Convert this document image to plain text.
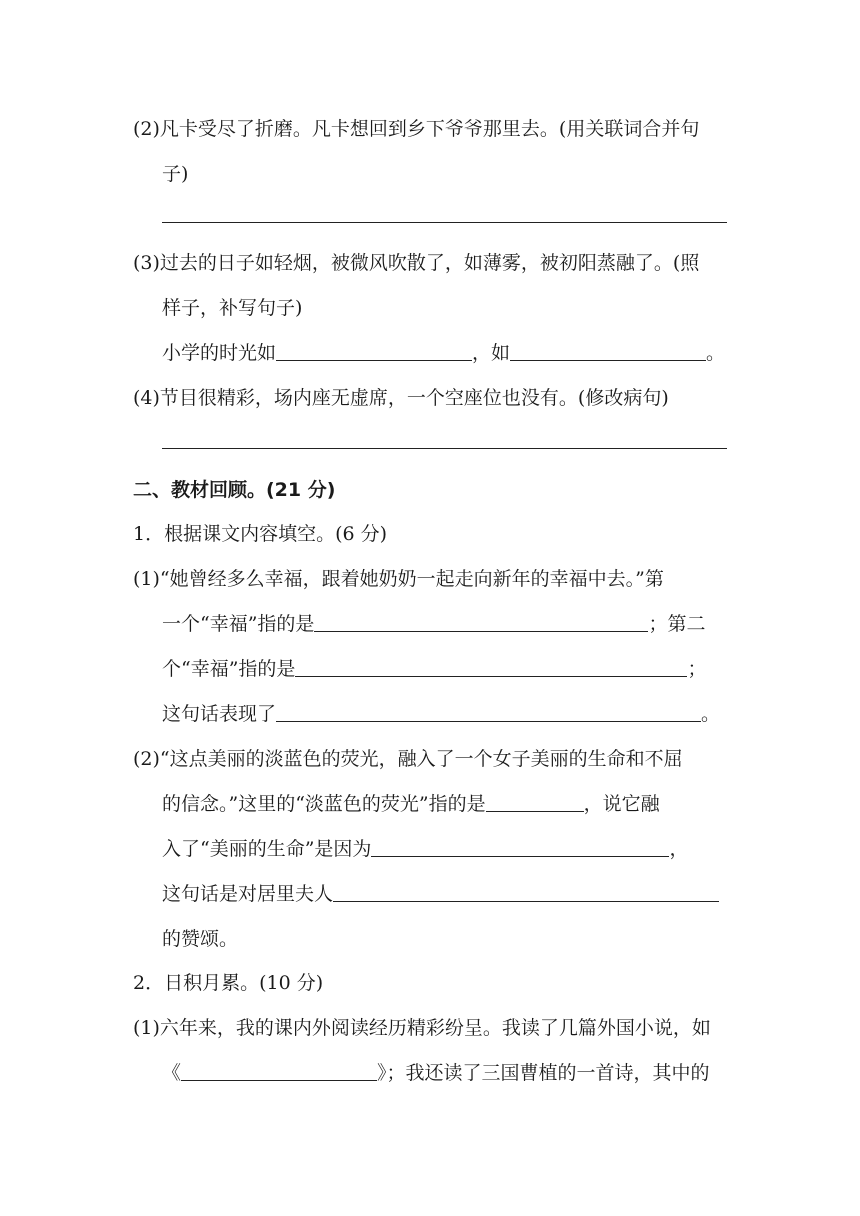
(2)凡卡受尽了折磨。凡卡想回到乡下爷爷那里去。(用关联词合并句
子)
(3)过去的日子如轻烟，被微风吹散了，如薄雾，被初阳蒸融了。(照
样子，补写句子)
小学的时光如	，如	。
(4)节目很精彩，场内座无虚席，一个空座位也没有。(修改病句)
二、教材回顾。(21 分)
1．根据课文内容填空。(6 分)
(1)“她曾经多么幸福，跟着她奶奶一起走向新年的幸福中去。”第
一个“幸福”指的是	；第二
个“幸福”指的是	；
这句话表现了	。
(2)“这点美丽的淡蓝色的荧光，融入了一个女子美丽的生命和不屈
的信念。”这里的“淡蓝色的荧光”指的是	，说它融
入了“美丽的生命”是因为	，
这句话是对居里夫人
的赞颂。
2．日积月累。(10 分)
(1)六年来，我的课内外阅读经历精彩纷呈。我读了几篇外国小说，如
《	》；我还读了三国曹植的一首诗，其中的
